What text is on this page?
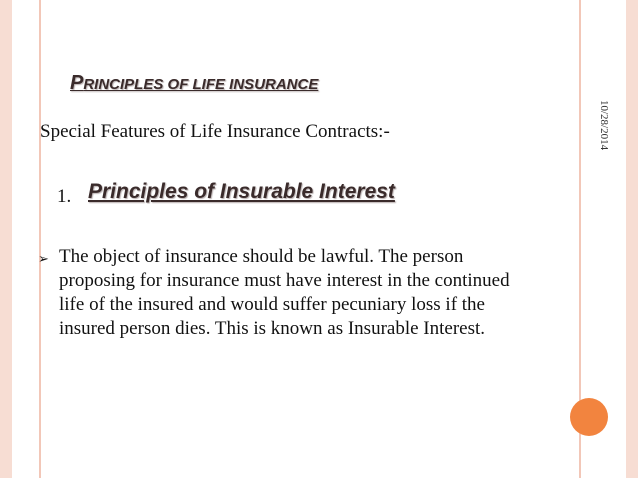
PRINCIPLES OF LIFE INSURANCE
Special Features of Life Insurance Contracts:-
1. Principles of Insurable Interest
➢ The object of insurance should be lawful. The person proposing for insurance must have interest in the continued life of the insured and would suffer pecuniary loss if the insured person dies. This is known as Insurable Interest.
10/28/2014
